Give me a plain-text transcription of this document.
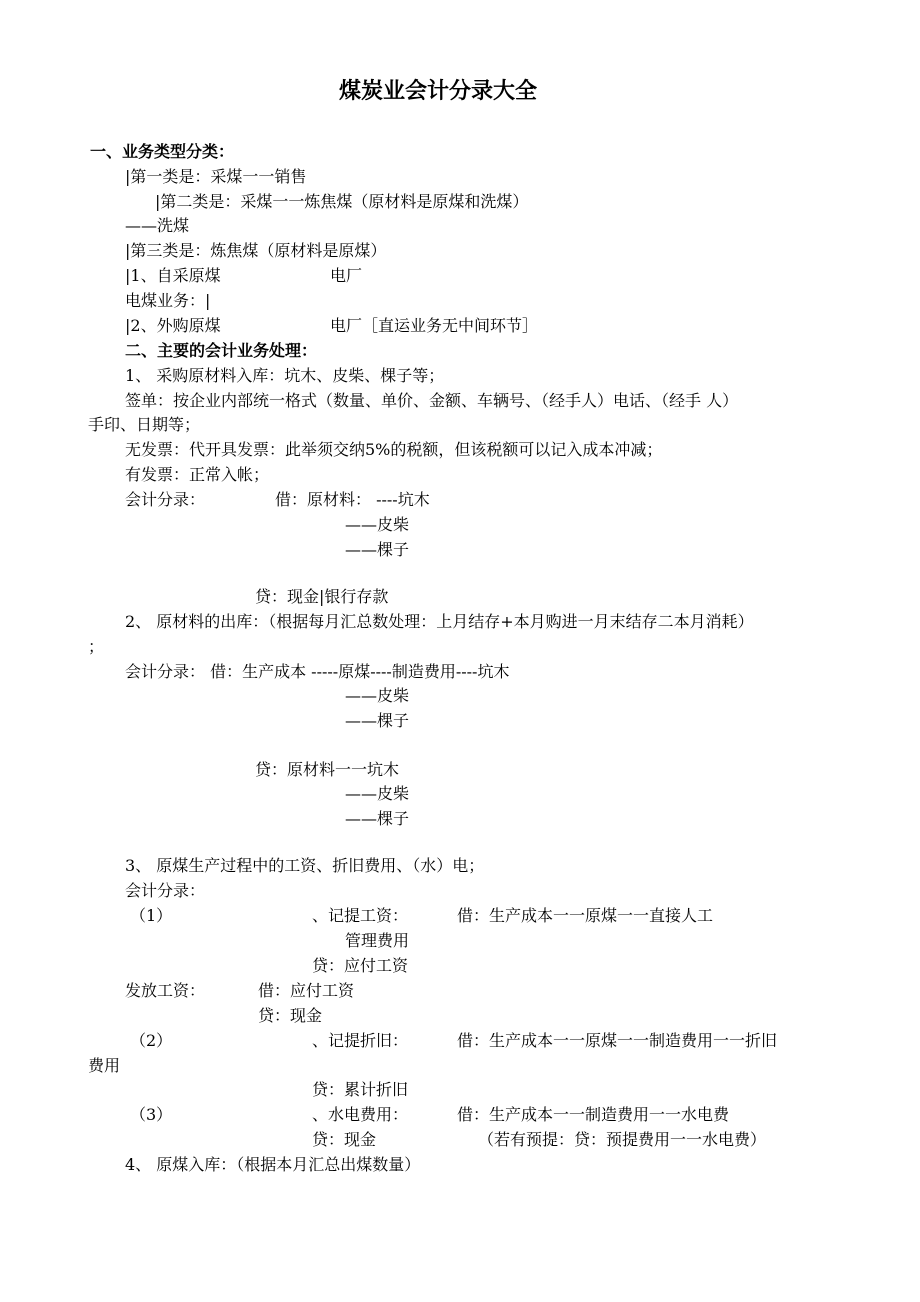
煤炭业会计分录大全
一、业务类型分类：
|第一类是：采煤一一销售
|第二类是：采煤一一炼焦煤（原材料是原煤和洗煤）
——洗煤
|第三类是：炼焦煤（原材料是原煤）
|1、自采原煤	电厂
电煤业务：|
|2、外购原煤	电厂［直运业务无中间环节］
二、主要的会计业务处理：
1、 采购原材料入库：坑木、皮柴、棵子等；
签单：按企业内部统一格式（数量、单价、金额、车辆号、（经手人）电话、（经手 人）
手印、日期等；
无发票：代开具发票：此举须交纳5%的税额，但该税额可以记入成本冲减；
有发票：正常入帐；
会计分录：	借：原材料： ----坑木
——皮柴
——棵子
贷：现金|银行存款
2、 原材料的出库：（根据每月汇总数处理：上月结存+本月购进一月末结存二本月消耗）
；
会计分录： 借：生产成本 -----原煤----制造费用----坑木
——皮柴
——棵子
贷：原材料一一坑木
——皮柴
——棵子
3、 原煤生产过程中的工资、折旧费用、（水）电；
会计分录：
（1）	、记提工资：	借：生产成本一一原煤一一直接人工
管理费用
贷：应付工资
发放工资：	借：应付工资
贷：现金
（2）	、记提折旧：	借：生产成本一一原煤一一制造费用一一折旧
费用
贷：累计折旧
（3）	、水电费用：	借：生产成本一一制造费用一一水电费
贷：现金	（若有预提：贷：预提费用一一水电费）
4、 原煤入库：（根据本月汇总出煤数量）
